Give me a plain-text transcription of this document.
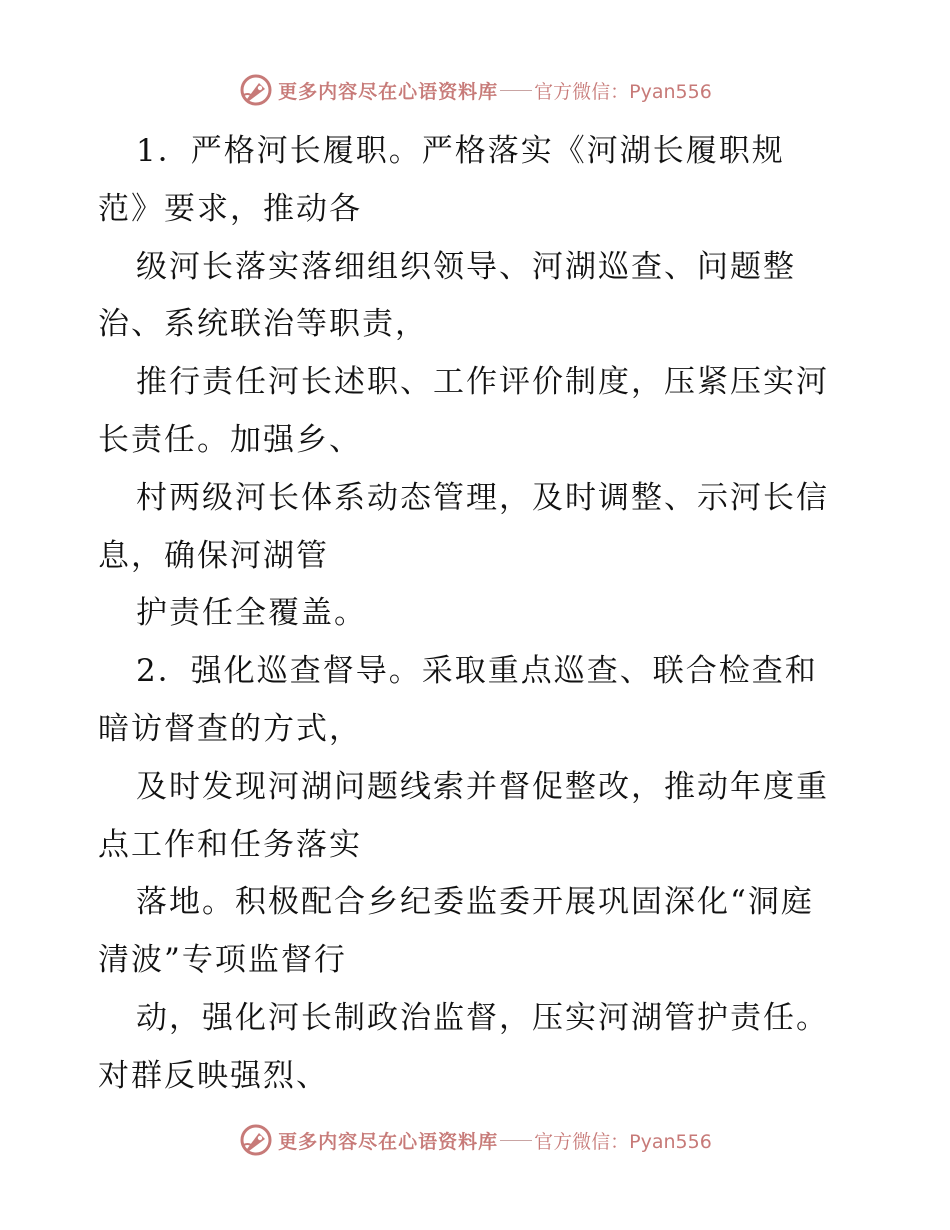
更多内容尽在心语资料库 官方微信：Pyan556
1．严格河长履职。严格落实《河湖长履职规
范》要求，推动各
级河长落实落细组织领导、河湖巡查、问题整
治、系统联治等职责，
推行责任河长述职、工作评价制度，压紧压实河
长责任。加强乡、
村两级河长体系动态管理，及时调整、示河长信
息，确保河湖管
护责任全覆盖。
2．强化巡查督导。采取重点巡查、联合检查和
暗访督查的方式，
及时发现河湖问题线索并督促整改，推动年度重
点工作和任务落实
落地。积极配合乡纪委监委开展巩固深化“洞庭
清波”专项监督行
动，强化河长制政治监督，压实河湖管护责任。
对群反映强烈、
更多内容尽在心语资料库 官方微信：Pyan556
